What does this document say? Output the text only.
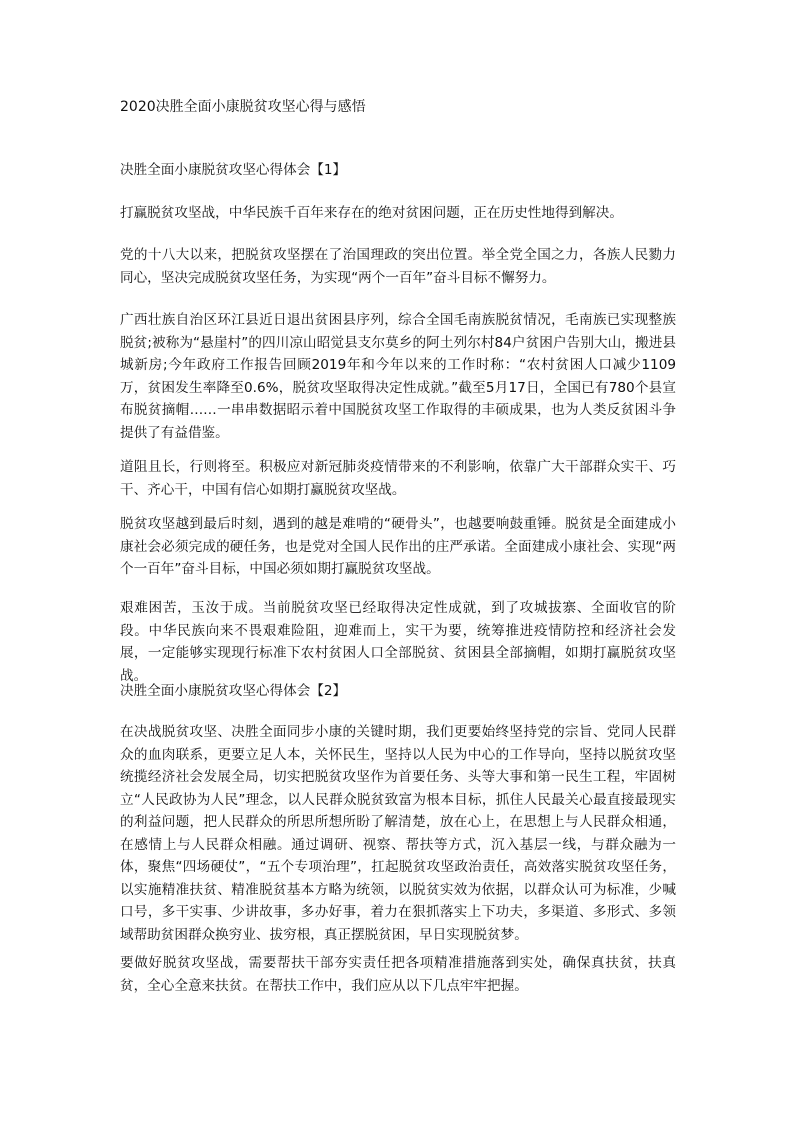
2020决胜全面小康脱贫攻坚心得与感悟
决胜全面小康脱贫攻坚心得体会【1】

打赢脱贫攻坚战，中华民族千百年来存在的绝对贫困问题，正在历史性地得到解决。

党的十八大以来，把脱贫攻坚摆在了治国理政的突出位置。举全党全国之力，各族人民勠力同心，坚决完成脱贫攻坚任务，为实现“两个一百年”奋斗目标不懈努力。

广西壮族自治区环江县近日退出贫困县序列，综合全国毛南族脱贫情况，毛南族已实现整族脱贫;被称为“悬崖村”的四川凉山昭觉县支尔莫乡的阿土列尔村84户贫困户告别大山，搬进县城新房;今年政府工作报告回顾2019年和今年以来的工作时称：“农村贫困人口减少1109万，贫困发生率降至0.6%，脱贫攻坚取得决定性成就。”截至5月17日，全国已有780个县宣布脱贫摘帽……一串串数据昭示着中国脱贫攻坚工作取得的丰硕成果，也为人类反贫困斗争提供了有益借鉴。

道阻且长，行则将至。积极应对新冠肺炎疫情带来的不利影响，依靠广大干部群众实干、巧干、齐心干，中国有信心如期打赢脱贫攻坚战。

脱贫攻坚越到最后时刻，遇到的越是难啃的“硬骨头”，也越要响鼓重锤。脱贫是全面建成小康社会必须完成的硬任务，也是党对全国人民作出的庄严承诺。全面建成小康社会、实现“两个一百年”奋斗目标，中国必须如期打赢脱贫攻坚战。

艰难困苦，玉汝于成。当前脱贫攻坚已经取得决定性成就，到了攻城拔寨、全面收官的阶段。中华民族向来不畏艰难险阻，迎难而上，实干为要，统筹推进疫情防控和经济社会发展，一定能够实现现行标准下农村贫困人口全部脱贫、贫困县全部摘帽，如期打赢脱贫攻坚战。

决胜全面小康脱贫攻坚心得体会【2】

在决战脱贫攻坚、决胜全面同步小康的关键时期，我们更要始终坚持党的宗旨、党同人民群众的血肉联系，更要立足人本，关怀民生，坚持以人民为中心的工作导向，坚持以脱贫攻坚统揽经济社会发展全局，切实把脱贫攻坚作为首要任务、头等大事和第一民生工程，牢固树立“人民政协为人民”理念，以人民群众脱贫致富为根本目标，抓住人民最关心最直接最现实的利益问题，把人民群众的所思所想所盼了解清楚，放在心上，在思想上与人民群众相通，在感情上与人民群众相融。通过调研、视察、帮扶等方式，沉入基层一线，与群众融为一体，聚焦“四场硬仗”，“五个专项治理”，扛起脱贫攻坚政治责任，高效落实脱贫攻坚任务，以实施精准扶贫、精准脱贫基本方略为统领，以脱贫实效为依据，以群众认可为标准，少喊口号，多干实事、少讲故事，多办好事，着力在狠抓落实上下功夫，多渠道、多形式、多领域帮助贫困群众换穷业、拔穷根，真正摆脱贫困，早日实现脱贫梦。

要做好脱贫攻坚战，需要帮扶干部夯实责任把各项精准措施落到实处，确保真扶贫，扶真贫，全心全意来扶贫。在帮扶工作中，我们应从以下几点牢牢把握。
